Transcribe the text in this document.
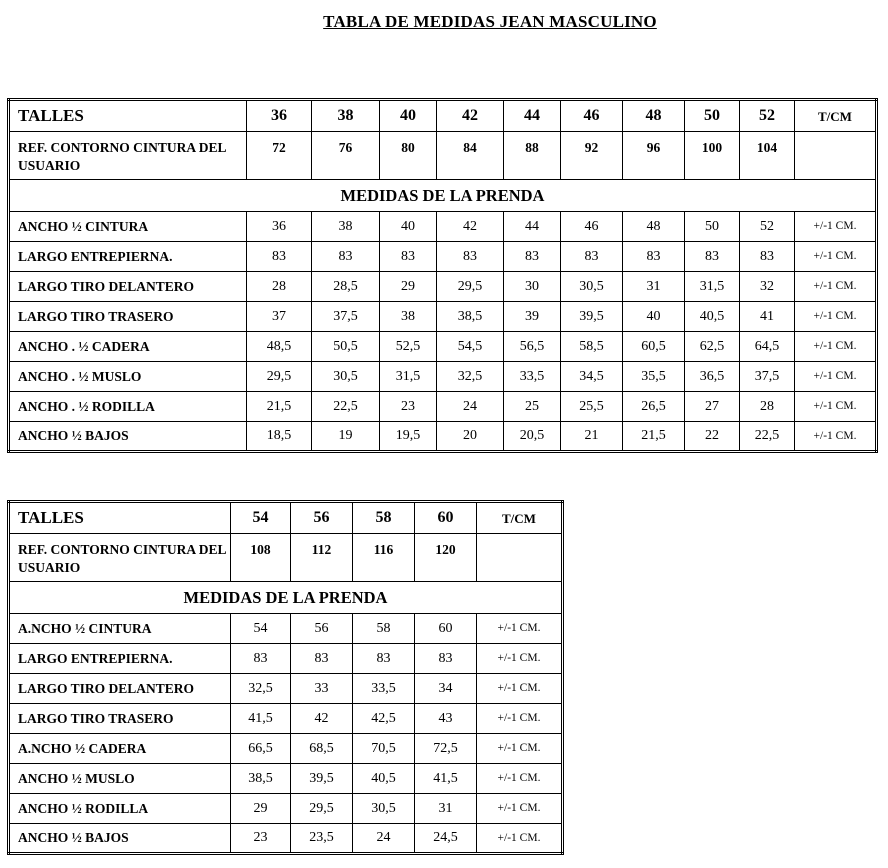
TABLA DE MEDIDAS JEAN MASCULINO
TALLES	36	38	40	42	44	46	48	50	52	T/CM
REF. CONTORNO CINTURA DEL USUARIO	72	76	80	84	88	92	96	100	104	
MEDIDAS DE LA PRENDA										
ANCHO ½ CINTURA	36	38	40	42	44	46	48	50	52	+/-1 CM.
LARGO ENTREPIERNA.	83	83	83	83	83	83	83	83	83	+/-1 CM.
LARGO TIRO DELANTERO	28	28,5	29	29,5	30	30,5	31	31,5	32	+/-1 CM.
LARGO TIRO TRASERO	37	37,5	38	38,5	39	39,5	40	40,5	41	+/-1 CM.
ANCHO . ½ CADERA	48,5	50,5	52,5	54,5	56,5	58,5	60,5	62,5	64,5	+/-1 CM.
ANCHO . ½ MUSLO	29,5	30,5	31,5	32,5	33,5	34,5	35,5	36,5	37,5	+/-1 CM.
ANCHO . ½ RODILLA	21,5	22,5	23	24	25	25,5	26,5	27	28	+/-1 CM.
ANCHO ½ BAJOS	18,5	19	19,5	20	20,5	21	21,5	22	22,5	+/-1 CM.
TALLES	54	56	58	60	T/CM
REF. CONTORNO CINTURA DEL USUARIO	108	112	116	120	
MEDIDAS DE LA PRENDA					
A.NCHO ½ CINTURA	54	56	58	60	+/-1 CM.
LARGO ENTREPIERNA.	83	83	83	83	+/-1 CM.
LARGO TIRO DELANTERO	32,5	33	33,5	34	+/-1 CM.
LARGO TIRO TRASERO	41,5	42	42,5	43	+/-1 CM.
A.NCHO ½ CADERA	66,5	68,5	70,5	72,5	+/-1 CM.
ANCHO ½ MUSLO	38,5	39,5	40,5	41,5	+/-1 CM.
ANCHO ½ RODILLA	29	29,5	30,5	31	+/-1 CM.
ANCHO ½ BAJOS	23	23,5	24	24,5	+/-1 CM.
